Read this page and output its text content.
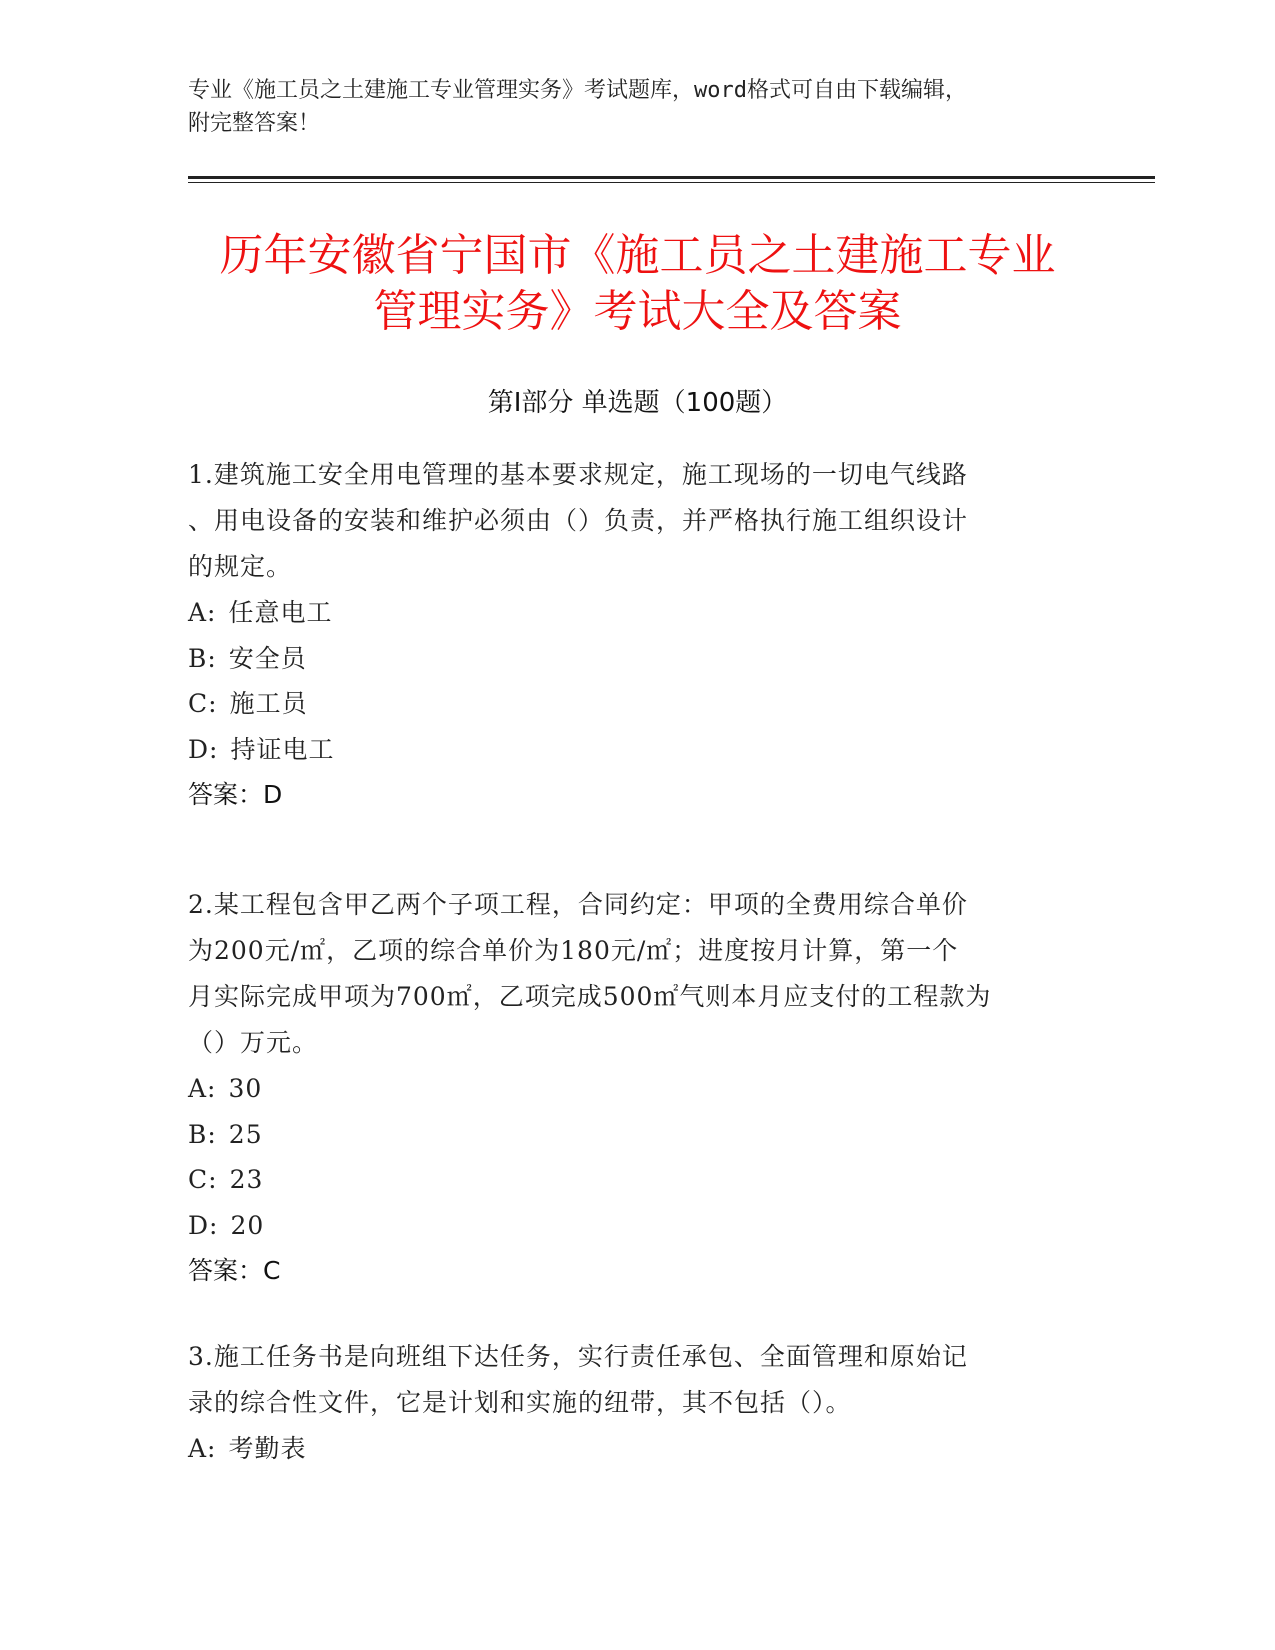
专业《施工员之土建施工专业管理实务》考试题库，word格式可自由下载编辑，
附完整答案！
历年安徽省宁国市《施工员之土建施工专业
管理实务》考试大全及答案
第Ⅰ部分 单选题（100题）
1.建筑施工安全用电管理的基本要求规定，施工现场的一切电气线路
、用电设备的安装和维护必须由（）负责，并严格执行施工组织设计
的规定。
A: 任意电工
B: 安全员
C: 施工员
D: 持证电工
答案：D
2.某工程包含甲乙两个子项工程，合同约定：甲项的全费用综合单价
为200元/㎡，乙项的综合单价为180元/㎡；进度按月计算，第一个
月实际完成甲项为700㎡，乙项完成500㎡气则本月应支付的工程款为
（）万元。
A: 30
B: 25
C: 23
D: 20
答案：C
3.施工任务书是向班组下达任务，实行责任承包、全面管理和原始记
录的综合性文件，它是计划和实施的纽带，其不包括（）。
A: 考勤表
